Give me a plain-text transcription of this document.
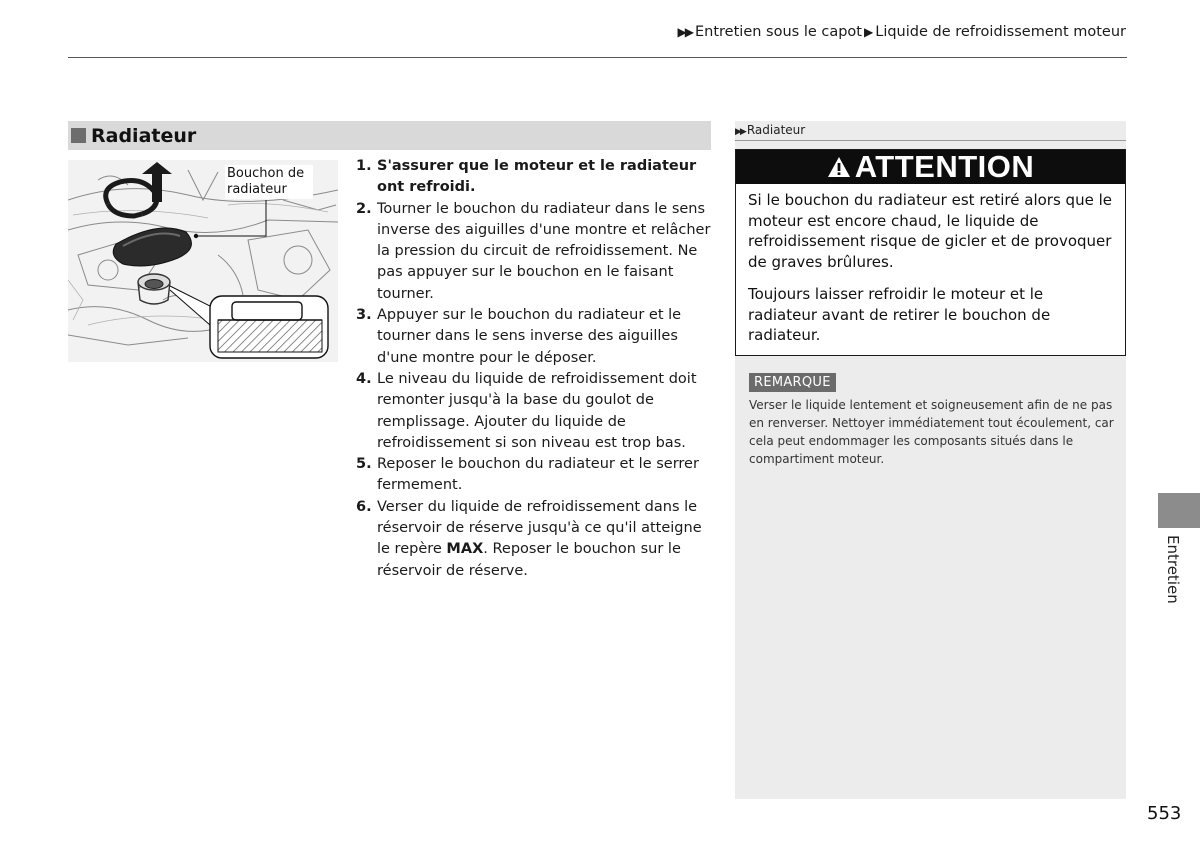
▶▶ Entretien sous le capot ▶ Liquide de refroidissement moteur
Radiateur
Bouchon de radiateur
1. S'assurer que le moteur et le radiateur ont refroidi.
2. Tourner le bouchon du radiateur dans le sens inverse des aiguilles d'une montre et relâcher la pression du circuit de refroidissement. Ne pas appuyer sur le bouchon en le faisant tourner.
3. Appuyer sur le bouchon du radiateur et le tourner dans le sens inverse des aiguilles d'une montre pour le déposer.
4. Le niveau du liquide de refroidissement doit remonter jusqu'à la base du goulot de remplissage. Ajouter du liquide de refroidissement si son niveau est trop bas.
5. Reposer le bouchon du radiateur et le serrer fermement.
6. Verser du liquide de refroidissement dans le réservoir de réserve jusqu'à ce qu'il atteigne le repère MAX. Reposer le bouchon sur le réservoir de réserve.
▶▶ Radiateur
ATTENTION

Si le bouchon du radiateur est retiré alors que le moteur est encore chaud, le liquide de refroidissement risque de gicler et de provoquer de graves brûlures.

Toujours laisser refroidir le moteur et le radiateur avant de retirer le bouchon de radiateur.

REMARQUE
Verser le liquide lentement et soigneusement afin de ne pas en renverser. Nettoyer immédiatement tout écoulement, car cela peut endommager les composants situés dans le compartiment moteur.
Entretien
553
